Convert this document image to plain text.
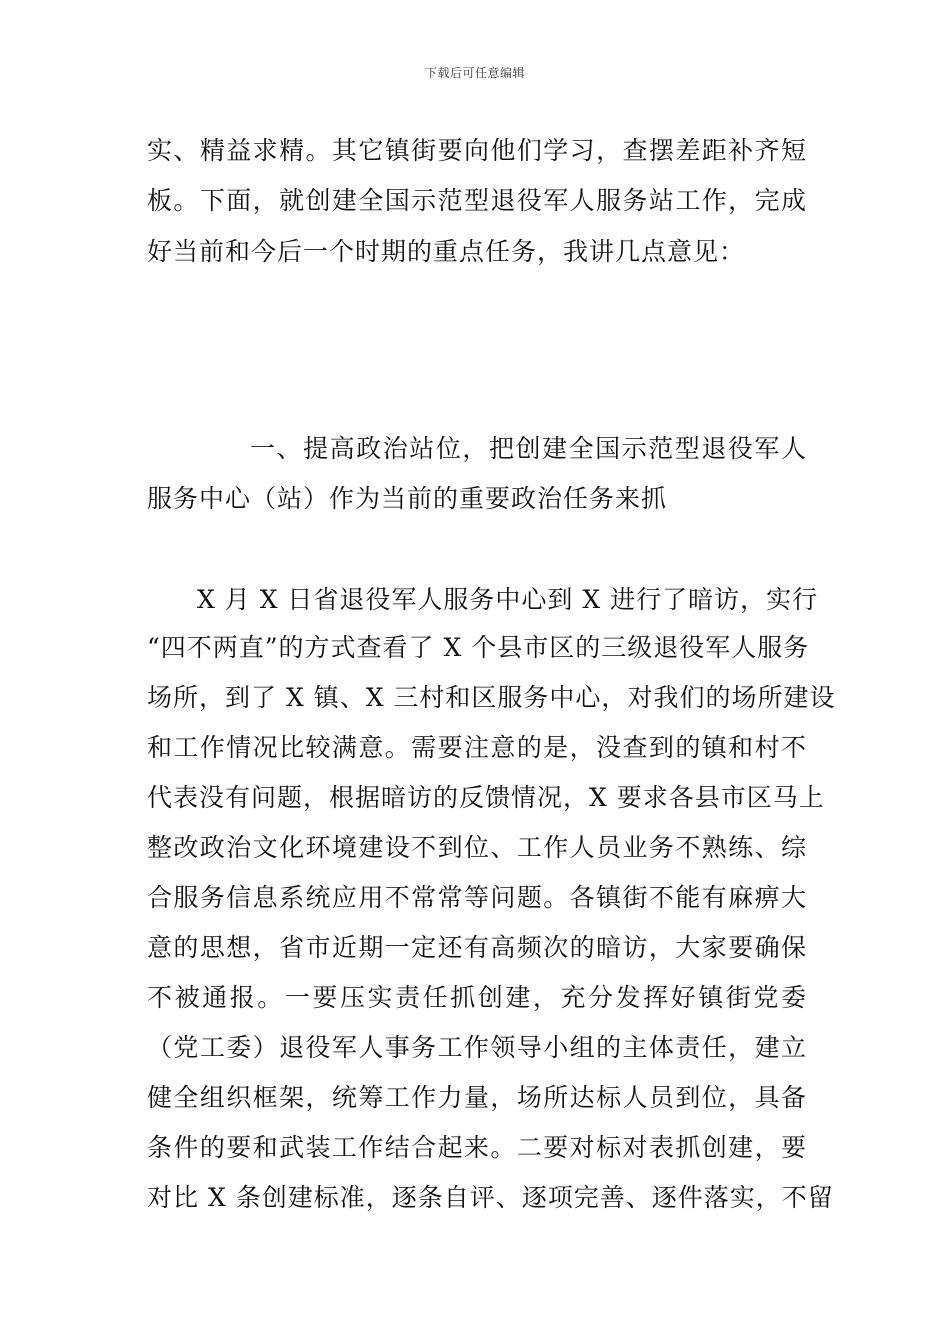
下载后可任意编辑
实、精益求精。其它镇街要向他们学习，查摆差距补齐短
板。下面，就创建全国示范型退役军人服务站工作，完成
好当前和今后一个时期的重点任务，我讲几点意见：
一、提高政治站位，把创建全国示范型退役军人
服务中心（站）作为当前的重要政治任务来抓
X 月 X 日省退役军人服务中心到 X 进行了暗访，实行
“四不两直”的方式查看了 X 个县市区的三级退役军人服务
场所，到了 X 镇、X 三村和区服务中心，对我们的场所建设
和工作情况比较满意。需要注意的是，没查到的镇和村不
代表没有问题，根据暗访的反馈情况，X 要求各县市区马上
整改政治文化环境建设不到位、工作人员业务不熟练、综
合服务信息系统应用不常常等问题。各镇街不能有麻痹大
意的思想，省市近期一定还有高频次的暗访，大家要确保
不被通报。一要压实责任抓创建，充分发挥好镇街党委
（党工委）退役军人事务工作领导小组的主体责任，建立
健全组织框架，统筹工作力量，场所达标人员到位，具备
条件的要和武装工作结合起来。二要对标对表抓创建，要
对比 X 条创建标准，逐条自评、逐项完善、逐件落实，不留
